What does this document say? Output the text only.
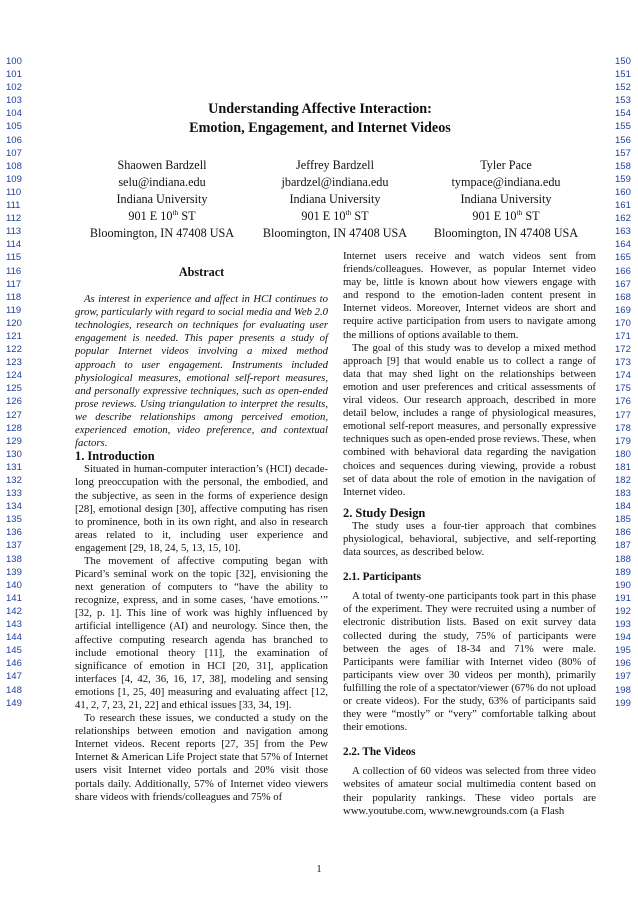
100
101
102
103
104
105
106
107
108
109
110
111
112
113
114
115
116
117
118
119
120
121
122
123
124
125
126
127
128
129
130
131
132
133
134
135
136
137
138
139
140
141
142
143
144
145
146
147
148
149
150
151
152
153
154
155
156
157
158
159
160
161
162
163
164
165
166
167
168
169
170
171
172
173
174
175
176
177
178
179
180
181
182
183
184
185
186
187
188
189
190
191
192
193
194
195
196
197
198
199
Understanding Affective Interaction:
Emotion, Engagement, and Internet Videos
Shaowen Bardzell
selu@indiana.edu
Indiana University
901 E 10th ST
Bloomington, IN 47408 USA
Jeffrey Bardzell
jbardzel@indiana.edu
Indiana University
901 E 10th ST
Bloomington, IN 47408 USA
Tyler Pace
tympace@indiana.edu
Indiana University
901 E 10th ST
Bloomington, IN 47408 USA
Abstract

As interest in experience and affect in HCI continues to grow, particularly with regard to social media and Web 2.0 technologies, research on techniques for evaluating user engagement is needed. This paper presents a study of popular Internet videos involving a mixed method approach to user engagement. Instruments included physiological measures, emotional self-report measures, and personally expressive techniques, such as open-ended prose reviews. Using triangulation to interpret the results, we describe relationships among perceived emotion, experienced emotion, video preference, and contextual factors.

1. Introduction

Situated in human-computer interaction’s (HCI) decade-long preoccupation with the personal, the embodied, and the subjective, as seen in the forms of experience design [28], emotional design [30], affective computing has risen to prominence, both in its own right, and also in research areas related to it, including user experience and engagement [29, 18, 24, 5, 13, 15, 10].

The movement of affective computing began with Picard’s seminal work on the topic [32], envisioning the next generation of computers to “have the ability to recognize, express, and in some cases, ‘have emotions.’” [32, p. 1]. This line of work was highly influenced by artificial intelligence (AI) and neurology. Since then, the affective computing research agenda has branched to include emotional theory [11], the examination of significance of emotion in HCI [20, 31], application interfaces [4, 42, 36, 16, 17, 38], modeling and sensing emotions [1, 25, 40] measuring and evaluating affect [12, 41, 2, 7, 23, 21, 22] and ethical issues [33, 34, 19].

To research these issues, we conducted a study on the relationships between emotion and navigation among Internet videos. Recent reports [27, 35] from the Pew Internet & American Life Project state that 57% of Internet users visit Internet video portals and 20% visit those portals daily. Additionally, 57% of Internet video viewers share videos with friends/colleagues and 75% of

Internet users receive and watch videos sent from friends/colleagues. However, as popular Internet video may be, little is known about how viewers engage with and respond to the emotion-laden content present in Internet videos. Moreover, Internet videos are short and require active participation from users to navigate among the millions of options available to them.

The goal of this study was to develop a mixed method approach [9] that would enable us to collect a range of data that may shed light on the relationships between emotion and user preferences and critical assessments of viral videos. Our research approach, described in more detail below, includes a range of physiological measures, emotional self-report measures, and personally expressive techniques such as open-ended prose reviews. These, when combined with behavioral data regarding the navigation choices and sequences during viewing, provide a robust set of data about the role of emotion in the navigation of Internet video.

2. Study Design

The study uses a four-tier approach that combines physiological, behavioral, subjective, and self-reporting data sources, as described below.

2.1. Participants

A total of twenty-one participants took part in this phase of the experiment. They were recruited using a number of electronic distribution lists. Based on exit survey data collected during the study, 75% of participants were between the ages of 18-34 and 71% were male. Participants were familiar with Internet video (80% of participants view over 30 videos per month), primarily fulfilling the role of a spectator/viewer (67% do not upload or create videos). For the study, 63% of participants said they were “mostly” or “very” comfortable talking about their emotions.

2.2. The Videos

A collection of 60 videos was selected from three video websites of amateur social multimedia content based on their popularity rankings. These video portals are www.youtube.com, www.newgrounds.com (a Flash

1
